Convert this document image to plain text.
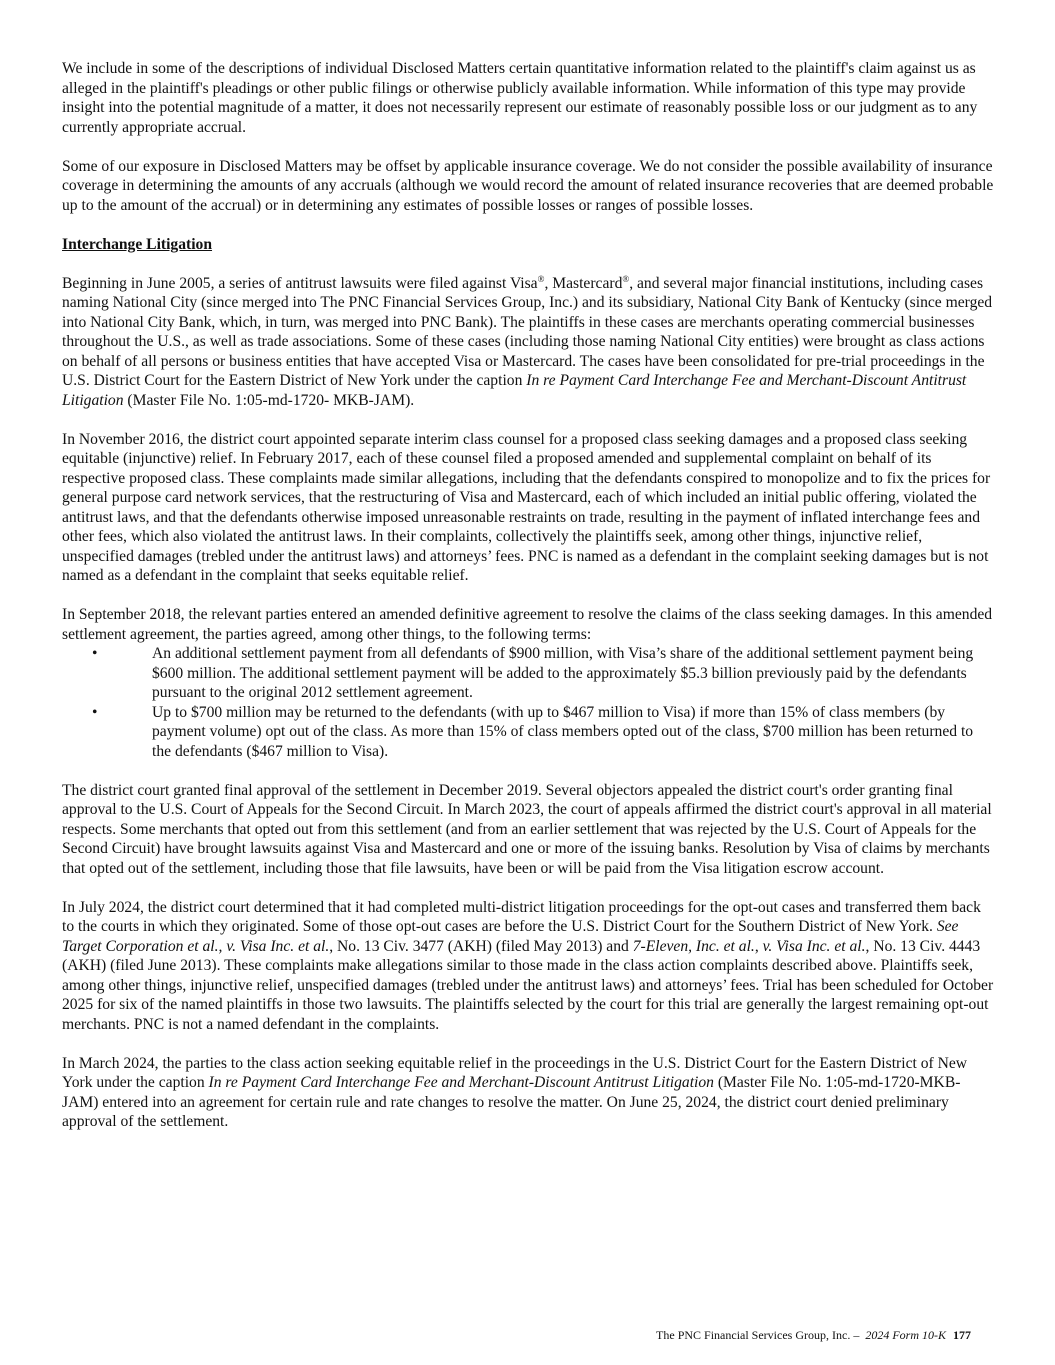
We include in some of the descriptions of individual Disclosed Matters certain quantitative information related to the plaintiff's claim against us as alleged in the plaintiff's pleadings or other public filings or otherwise publicly available information. While information of this type may provide insight into the potential magnitude of a matter, it does not necessarily represent our estimate of reasonably possible loss or our judgment as to any currently appropriate accrual.

Some of our exposure in Disclosed Matters may be offset by applicable insurance coverage. We do not consider the possible availability of insurance coverage in determining the amounts of any accruals (although we would record the amount of related insurance recoveries that are deemed probable up to the amount of the accrual) or in determining any estimates of possible losses or ranges of possible losses.

Interchange Litigation

Beginning in June 2005, a series of antitrust lawsuits were filed against Visa®, Mastercard®, and several major financial institutions, including cases naming National City (since merged into The PNC Financial Services Group, Inc.) and its subsidiary, National City Bank of Kentucky (since merged into National City Bank, which, in turn, was merged into PNC Bank). The plaintiffs in these cases are merchants operating commercial businesses throughout the U.S., as well as trade associations. Some of these cases (including those naming National City entities) were brought as class actions on behalf of all persons or business entities that have accepted Visa or Mastercard. The cases have been consolidated for pre-trial proceedings in the U.S. District Court for the Eastern District of New York under the caption In re Payment Card Interchange Fee and Merchant-Discount Antitrust Litigation (Master File No. 1:05-md-1720- MKB-JAM).

In November 2016, the district court appointed separate interim class counsel for a proposed class seeking damages and a proposed class seeking equitable (injunctive) relief. In February 2017, each of these counsel filed a proposed amended and supplemental complaint on behalf of its respective proposed class. These complaints made similar allegations, including that the defendants conspired to monopolize and to fix the prices for general purpose card network services, that the restructuring of Visa and Mastercard, each of which included an initial public offering, violated the antitrust laws, and that the defendants otherwise imposed unreasonable restraints on trade, resulting in the payment of inflated interchange fees and other fees, which also violated the antitrust laws. In their complaints, collectively the plaintiffs seek, among other things, injunctive relief, unspecified damages (trebled under the antitrust laws) and attorneys’ fees. PNC is named as a defendant in the complaint seeking damages but is not named as a defendant in the complaint that seeks equitable relief.

In September 2018, the relevant parties entered an amended definitive agreement to resolve the claims of the class seeking damages. In this amended settlement agreement, the parties agreed, among other things, to the following terms:

•	An additional settlement payment from all defendants of $900 million, with Visa’s share of the additional settlement payment being $600 million. The additional settlement payment will be added to the approximately $5.3 billion previously paid by the defendants pursuant to the original 2012 settlement agreement.
•	Up to $700 million may be returned to the defendants (with up to $467 million to Visa) if more than 15% of class members (by payment volume) opt out of the class. As more than 15% of class members opted out of the class, $700 million has been returned to the defendants ($467 million to Visa).

The district court granted final approval of the settlement in December 2019. Several objectors appealed the district court's order granting final approval to the U.S. Court of Appeals for the Second Circuit. In March 2023, the court of appeals affirmed the district court's approval in all material respects. Some merchants that opted out from this settlement (and from an earlier settlement that was rejected by the U.S. Court of Appeals for the Second Circuit) have brought lawsuits against Visa and Mastercard and one or more of the issuing banks. Resolution by Visa of claims by merchants that opted out of the settlement, including those that file lawsuits, have been or will be paid from the Visa litigation escrow account.

In July 2024, the district court determined that it had completed multi-district litigation proceedings for the opt-out cases and transferred them back to the courts in which they originated. Some of those opt-out cases are before the U.S. District Court for the Southern District of New York. See Target Corporation et al., v. Visa Inc. et al., No. 13 Civ. 3477 (AKH) (filed May 2013) and 7-Eleven, Inc. et al., v. Visa Inc. et al., No. 13 Civ. 4443 (AKH) (filed June 2013). These complaints make allegations similar to those made in the class action complaints described above. Plaintiffs seek, among other things, injunctive relief, unspecified damages (trebled under the antitrust laws) and attorneys’ fees. Trial has been scheduled for October 2025 for six of the named plaintiffs in those two lawsuits. The plaintiffs selected by the court for this trial are generally the largest remaining opt-out merchants. PNC is not a named defendant in the complaints.

In March 2024, the parties to the class action seeking equitable relief in the proceedings in the U.S. District Court for the Eastern District of New York under the caption In re Payment Card Interchange Fee and Merchant-Discount Antitrust Litigation (Master File No. 1:05-md-1720-MKB-JAM) entered into an agreement for certain rule and rate changes to resolve the matter. On June 25, 2024, the district court denied preliminary approval of the settlement.

The PNC Financial Services Group, Inc. – 2024 Form 10-K 177
